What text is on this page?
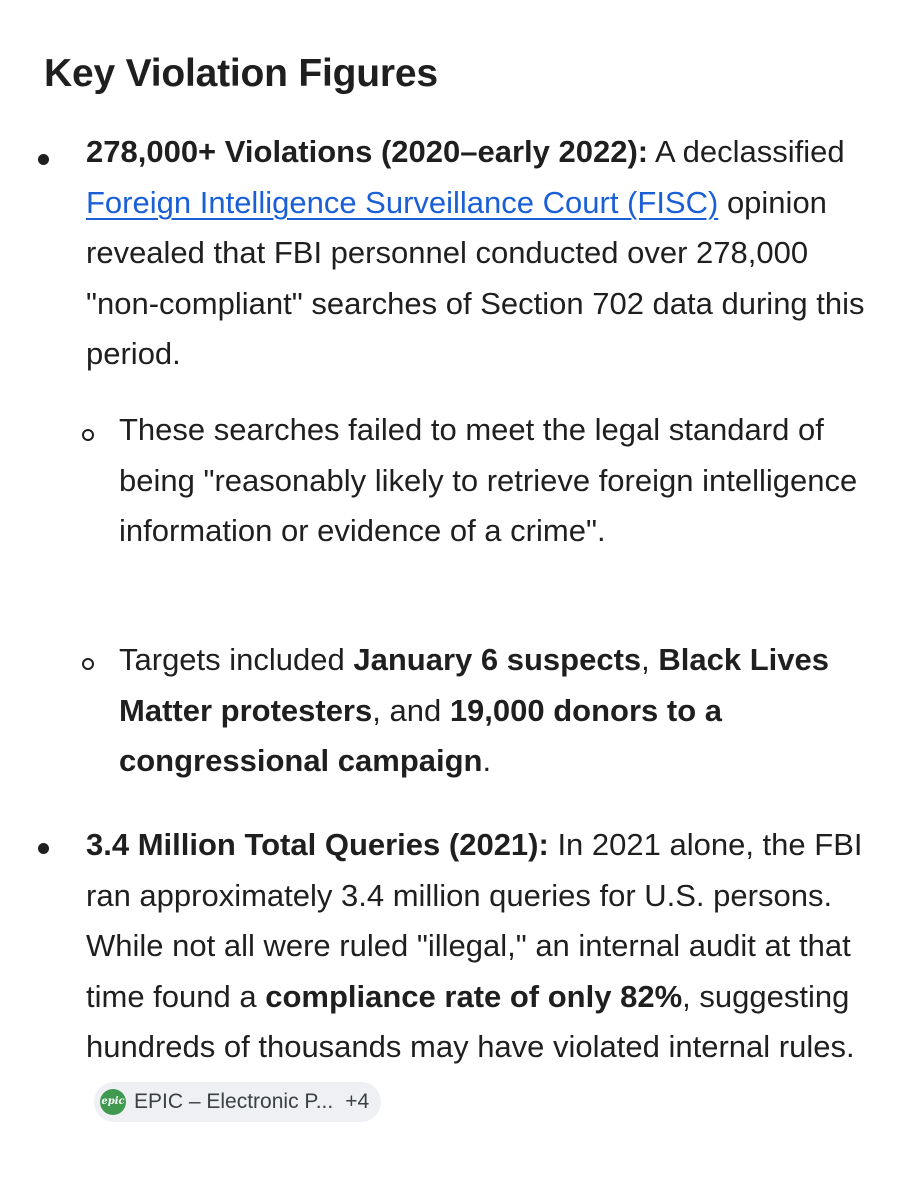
Key Violation Figures
278,000+ Violations (2020–early 2022): A declassified Foreign Intelligence Surveillance Court (FISC) opinion revealed that FBI personnel conducted over 278,000 "non-compliant" searches of Section 702 data during this period.
These searches failed to meet the legal standard of being "reasonably likely to retrieve foreign intelligence information or evidence of a crime".
Targets included January 6 suspects, Black Lives Matter protesters, and 19,000 donors to a congressional campaign.
3.4 Million Total Queries (2021): In 2021 alone, the FBI ran approximately 3.4 million queries for U.S. persons. While not all were ruled "illegal," an internal audit at that time found a compliance rate of only 82%, suggesting hundreds of thousands may have violated internal rules.
epic EPIC – Electronic P... +4
